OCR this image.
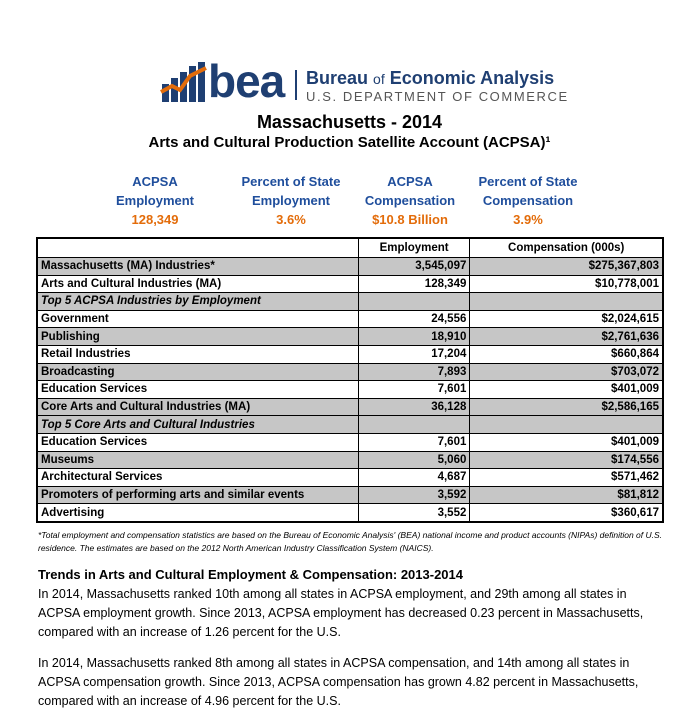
bea Bureau of Economic Analysis
U.S. DEPARTMENT OF COMMERCE
Massachusetts - 2014
Arts and Cultural Production Satellite Account (ACPSA)¹
ACPSA
Employment
128,349
Percent of State
Employment
3.6%
ACPSA
Compensation
$10.8 Billion
Percent of State
Compensation
3.9%
	Employment	Compensation (000s)
Massachusetts (MA) Industries*	3,545,097	$275,367,803
Arts and Cultural Industries (MA)	128,349	$10,778,001
Top 5 ACPSA Industries by Employment		
Government	24,556	$2,024,615
Publishing	18,910	$2,761,636
Retail Industries	17,204	$660,864
Broadcasting	7,893	$703,072
Education Services	7,601	$401,009
Core Arts and Cultural Industries (MA)	36,128	$2,586,165
Top 5 Core Arts and Cultural Industries		
Education Services	7,601	$401,009
Museums	5,060	$174,556
Architectural Services	4,687	$571,462
Promoters of performing arts and similar events	3,592	$81,812
Advertising	3,552	$360,617
*Total employment and compensation statistics are based on the Bureau of Economic Analysis' (BEA) national income and product accounts (NIPAs) definition of U.S. residence. The estimates are based on the 2012 North American Industry Classification System (NAICS).
Trends in Arts and Cultural Employment & Compensation: 2013-2014
In 2014, Massachusetts ranked 10th among all states in ACPSA employment, and 29th among all states in ACPSA employment growth. Since 2013, ACPSA employment has decreased 0.23 percent in Massachusetts, compared with an increase of 1.26 percent for the U.S.
In 2014, Massachusetts ranked 8th among all states in ACPSA compensation, and 14th among all states in ACPSA compensation growth. Since 2013, ACPSA compensation has grown 4.82 percent in Massachusetts, compared with an increase of 4.96 percent for the U.S.
